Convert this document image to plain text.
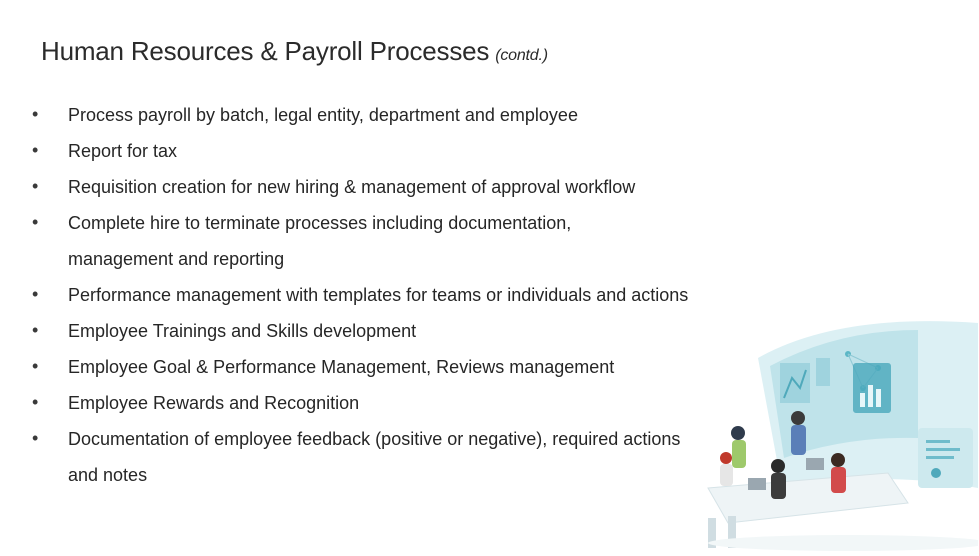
Human Resources & Payroll Processes (contd.)
• Process payroll by batch, legal entity, department and employee
• Report for tax
• Requisition creation for new hiring & management of approval workflow
• Complete hire to terminate processes including documentation, management and reporting
• Performance management with templates for teams or individuals and actions
• Employee Trainings and Skills development
• Employee Goal & Performance Management, Reviews management
• Employee Rewards and Recognition
• Documentation of employee feedback (positive or negative), required actions and notes
